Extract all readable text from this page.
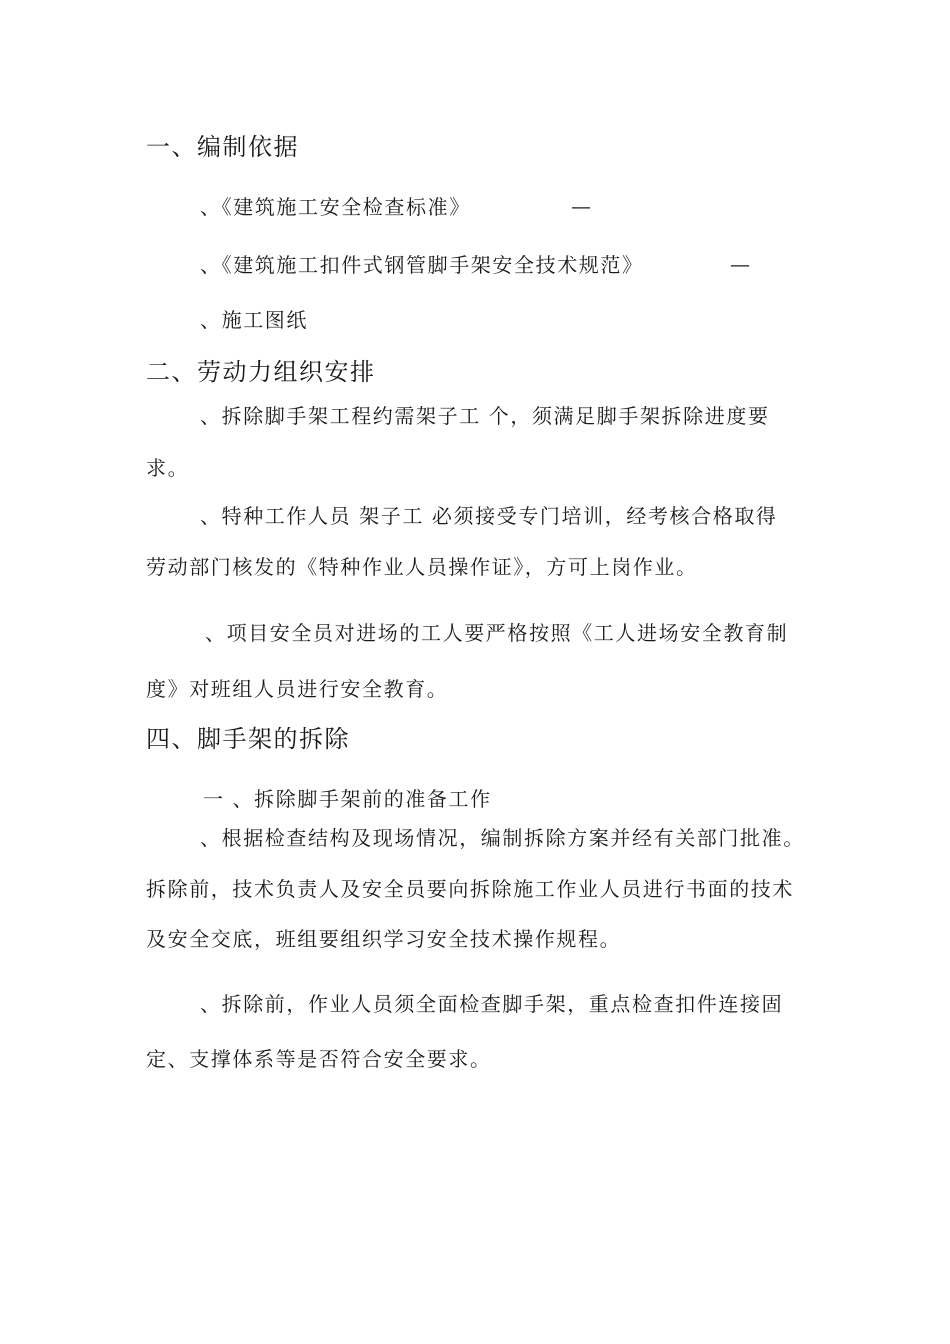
一、编制依据
、《建筑施工安全检查标准》	—
、《建筑施工扣件式钢管脚手架安全技术规范》	—
、施工图纸
二、劳动力组织安排
、拆除脚手架工程约需架子工 个，须满足脚手架拆除进度要
求。
、特种工作人员 架子工 必须接受专门培训，经考核合格取得
劳动部门核发的《特种作业人员操作证》，方可上岗作业。
、项目安全员对进场的工人要严格按照《工人进场安全教育制
度》对班组人员进行安全教育。
四、脚手架的拆除
一 、拆除脚手架前的准备工作
、根据检查结构及现场情况，编制拆除方案并经有关部门批准。
拆除前，技术负责人及安全员要向拆除施工作业人员进行书面的技术
及安全交底，班组要组织学习安全技术操作规程。
、拆除前，作业人员须全面检查脚手架，重点检查扣件连接固
定、支撑体系等是否符合安全要求。
